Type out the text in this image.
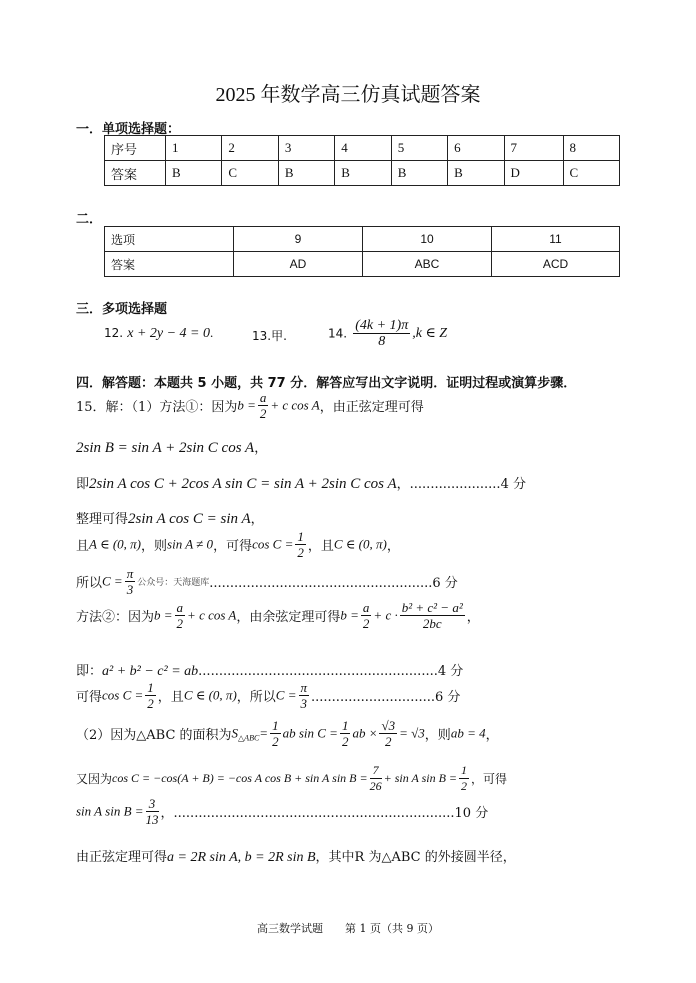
2025 年数学高三仿真试题答案
一．单项选择题：
序号	1	2	3	4	5	6	7	8
答案	B	C	B	B	B	B	D	C
二．
选项	9	10	11
答案	AD	ABC	ACD
三．多项选择题
12. x + 2y − 4 = 0.	13.甲.	14. $\frac{(4k + 1)\pi}{8} ,k$ ∈ Z
四．解答题：本题共 5 小题，共 77 分．解答应写出文字说明．证明过程或演算步骤．
15．解：（1）方法①：因为$b = \frac{a}{2} + c$ cos A，由正弦定理可得
2sin B = sin A + 2sin C cos A，
即2sin A cos C + 2cos A sin C = sin A + 2sin C cos A，......................4 分
整理可得2sin A cos C = sin A，
且A ∈ (0, π)，则sin A ≠ 0，可得$\cos C = \frac{1}{2}$ ，且C ∈ (0, π)，
所以$C = \frac{\pi}{3}$ 公众号：天海题库......................................................6 分
方法②：因为$b = \frac{a}{2} + c$ cos A，由余弦定理可得$b = \frac{a}{2} + c \cdot \frac{\text{b² + c² − a²}}{2bc}$ ，
即：a² + b² − c² = ab..........................................................4 分
可得$\cos C = \frac{1}{2}$ ，且C ∈ (0, π)，所以$C = \frac{\pi}{3} ..............................6$ 分
（2）因为△ABC 的面积为$S_{\triangle ABC}= \frac{1}{2}$ ab $\sin C = \frac{1}{2}$ ab × $\frac{√3}{2} = √3$，则ab = 4，
又因为cos C = −cos(A + B) = −cos A cos B + sin A $\sin B = \frac{7}{26} + \sin A$ $\sin B = \frac{1}{2}$ ，可得
sin A $\sin B = \frac{3}{13}$ ，....................................................................10 分
由正弦定理可得a = 2R sin A, b = 2R sin B，其中R 为△ABC 的外接圆半径，
高三数学试题　　第 1 页（共 9 页）
